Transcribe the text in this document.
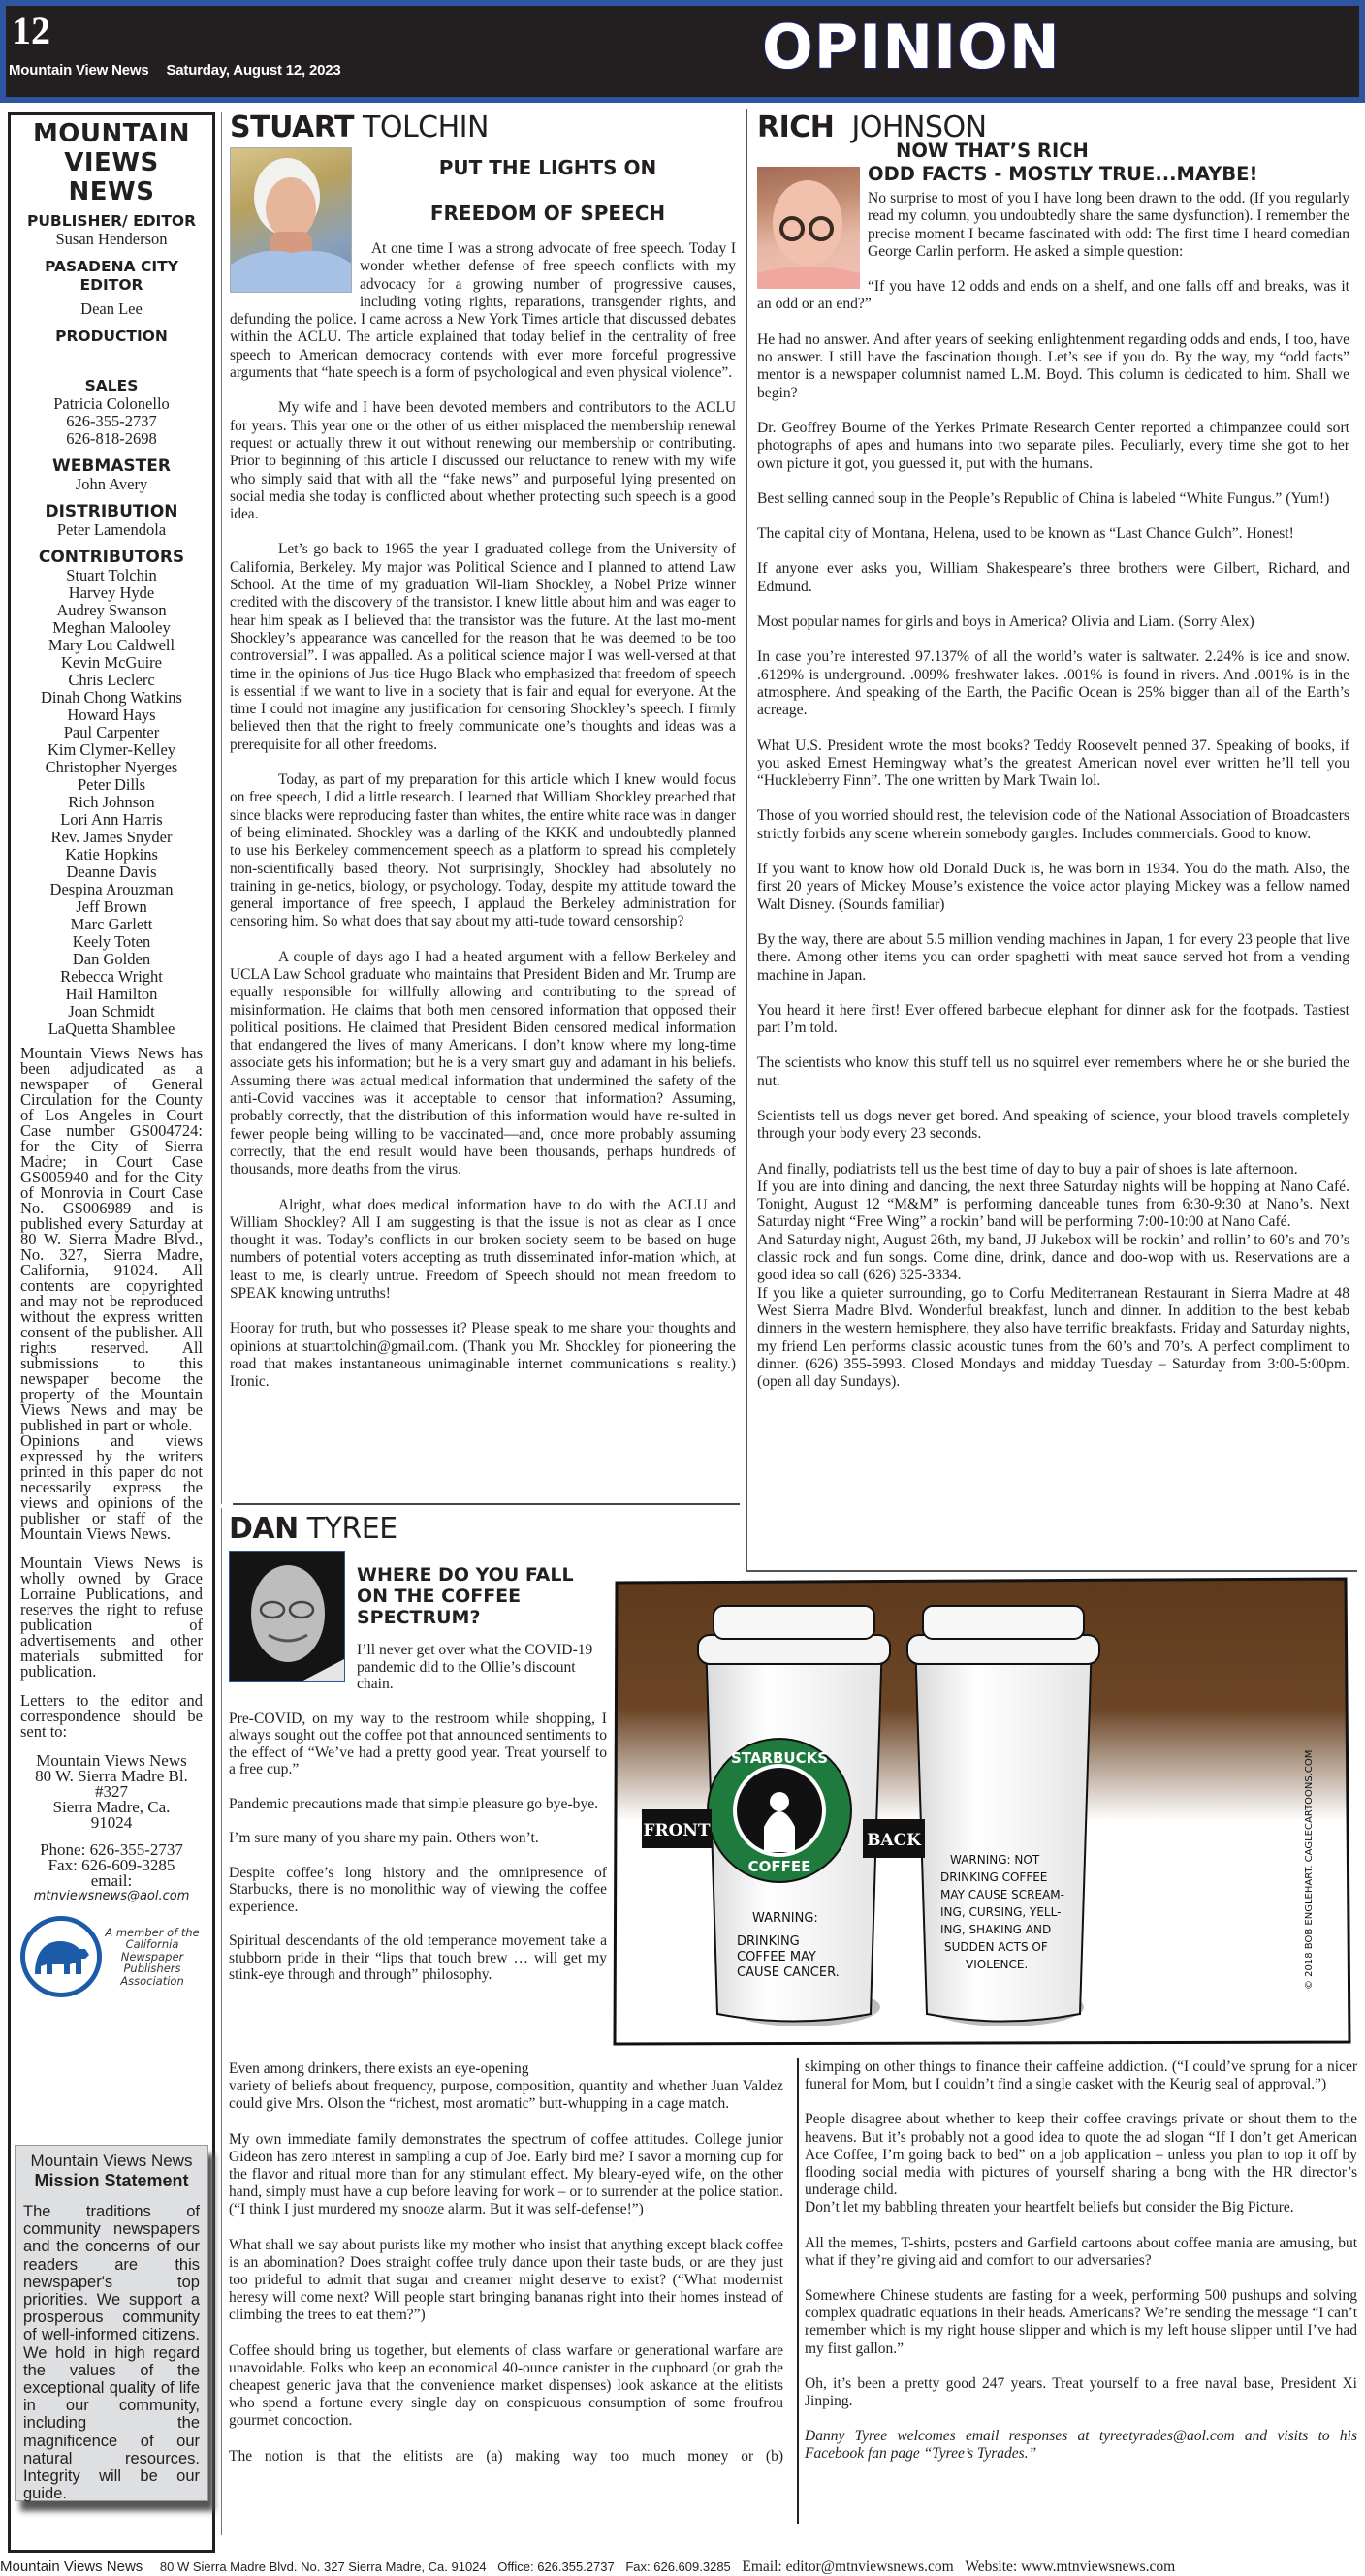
12
Mountain View News Saturday, August 12, 2023	OPINION
MOUNTAIN
VIEWS
NEWS
PUBLISHER/ EDITOR
Susan Henderson
PASADENA CITY EDITOR
Dean Lee
PRODUCTION
SALES
Patricia Colonello
626-355-2737
626-818-2698
WEBMASTER
John Avery
DISTRIBUTION
Peter Lamendola
CONTRIBUTORS
Stuart Tolchin
Harvey Hyde
Audrey Swanson
Meghan Malooley
Mary Lou Caldwell
Kevin McGuire
Chris Leclerc
Dinah Chong Watkins
Howard Hays
Paul Carpenter
Kim Clymer-Kelley
Christopher Nyerges
Peter Dills
Rich Johnson
Lori Ann Harris
Rev. James Snyder
Katie Hopkins
Deanne Davis
Despina Arouzman
Jeff Brown
Marc Garlett
Keely Toten
Dan Golden
Rebecca Wright
Hail Hamilton
Joan Schmidt
LaQuetta Shamblee
Mountain Views News has been adjudicated as a newspaper of General Circulation for the County of Los Angeles in Court Case number GS004724: for the City of Sierra Madre; in Court Case GS005940 and for the City of Monrovia in Court Case No. GS006989 and is published every Saturday at 80 W. Sierra Madre Blvd., No. 327, Sierra Madre, California, 91024. All contents are copyrighted and may not be reproduced without the express written consent of the publisher. All rights reserved. All submissions to this newspaper become the property of the Mountain Views News and may be published in part or whole.
Opinions and views expressed by the writers printed in this paper do not necessarily express the views and opinions of the publisher or staff of the Mountain Views News.
Mountain Views News is wholly owned by Grace Lorraine Publications, and reserves the right to refuse publication of advertisements and other materials submitted for publication.
Letters to the editor and correspondence should be sent to:
Mountain Views News
80 W. Sierra Madre Bl.
#327
Sierra Madre, Ca.
91024
Phone: 626-355-2737
Fax: 626-609-3285
email:
mtnviewsnews@aol.com
A member of the California Newspaper Publishers Association
Mountain Views News
Mission Statement
The traditions of community newspapers and the concerns of our readers are this newspaper's top priorities. We support a prosperous community of well-informed citizens. We hold in high regard the values of the exceptional quality of life in our community, including the magnificence of our natural resources. Integrity will be our guide.
STUART TOLCHIN
PUT THE LIGHTS ON
FREEDOM OF SPEECH

At one time I was a strong advocate of free speech. Today I wonder whether defense of free speech conflicts with my advocacy for a growing number of progressive causes, including voting rights, reparations, transgender rights, and defunding the police. I came across a New York Times article that discussed debates within the ACLU. The article explained that today belief in the centrality of free speech to American democracy contends with ever more forceful progressive arguments that “hate speech is a form of psychological and even physical violence”.

My wife and I have been devoted members and contributors to the ACLU for years. This year one or the other of us either misplaced the membership renewal request or actually threw it out without renewing our membership or contributing. Prior to beginning of this article I discussed our reluctance to renew with my wife who simply said that with all the “fake news” and purposeful lying presented on social media she today is conflicted about whether protecting such speech is a good idea.

Let’s go back to 1965 the year I graduated college from the University of California, Berkeley. My major was Political Science and I planned to attend Law School. At the time of my graduation Wil-liam Shockley, a Nobel Prize winner credited with the discovery of the transistor. I knew little about him and was eager to hear him speak as I believed that the transistor was the future. At the last mo-ment Shockley’s appearance was cancelled for the reason that he was deemed to be too controversial”. I was appalled. As a political science major I was well-versed at that time in the opinions of Jus-tice Hugo Black who emphasized that freedom of speech is essential if we want to live in a society that is fair and equal for everyone. At the time I could not imagine any justification for censoring Shockley’s speech. I firmly believed then that the right to freely communicate one’s thoughts and ideas was a prerequisite for all other freedoms.

Today, as part of my preparation for this article which I knew would focus on free speech, I did a little research. I learned that William Shockley preached that since blacks were reproducing faster than whites, the entire white race was in danger of being eliminated. Shockley was a darling of the KKK and undoubtedly planned to use his Berkeley commencement speech as a platform to spread his completely non-scientifically based theory. Not surprisingly, Shockley had absolutely no training in ge-netics, biology, or psychology. Today, despite my attitude toward the general importance of free speech, I applaud the Berkeley administration for censoring him. So what does that say about my atti-tude toward censorship?

A couple of days ago I had a heated argument with a fellow Berkeley and UCLA Law School graduate who maintains that President Biden and Mr. Trump are equally responsible for willfully allowing and contributing to the spread of misinformation. He claims that both men censored information that opposed their political positions. He claimed that President Biden censored medical information that endangered the lives of many Americans. I don’t know where my long-time associate gets his information; but he is a very smart guy and adamant in his beliefs. Assuming there was actual medical information that undermined the safety of the anti-Covid vaccines was it acceptable to censor that information? Assuming, probably correctly, that the distribution of this information would have re-sulted in fewer people being willing to be vaccinated—and, once more probably assuming correctly, that the end result would have been thousands, perhaps hundreds of thousands, more deaths from the virus.

Alright, what does medical information have to do with the ACLU and William Shockley? All I am suggesting is that the issue is not as clear as I once thought it was. Today’s conflicts in our broken society seem to be based on huge numbers of potential voters accepting as truth disseminated infor-mation which, at least to me, is clearly untrue. Freedom of Speech should not mean freedom to SPEAK knowing untruths!

Hooray for truth, but who possesses it? Please speak to me share your thoughts and opinions at stuarttolchin@gmail.com. (Thank you Mr. Shockley for pioneering the road that makes instantaneous unimaginable internet communications s reality.) Ironic.

RICH JOHNSON
NOW THAT’S RICH
ODD FACTS - MOSTLY TRUE...MAYBE!

No surprise to most of you I have long been drawn to the odd. (If you regularly read my column, you undoubtedly share the same dysfunction). I remember the precise moment I became fascinated with odd: The first time I heard comedian George Carlin perform. He asked a simple question:

“If you have 12 odds and ends on a shelf, and one falls off and breaks, was it an odd or an end?”

He had no answer. And after years of seeking enlightenment regarding odds and ends, I too, have no answer. I still have the fascination though. Let’s see if you do. By the way, my “odd facts” mentor is a newspaper columnist named L.M. Boyd. This column is dedicated to him. Shall we begin?

Dr. Geoffrey Bourne of the Yerkes Primate Research Center reported a chimpanzee could sort photographs of apes and humans into two separate piles. Peculiarly, every time she got to her own picture it got, you guessed it, put with the humans.

Best selling canned soup in the People’s Republic of China is labeled “White Fungus.” (Yum!)

The capital city of Montana, Helena, used to be known as “Last Chance Gulch”. Honest!

If anyone ever asks you, William Shakespeare’s three brothers were Gilbert, Richard, and Edmund.

Most popular names for girls and boys in America? Olivia and Liam. (Sorry Alex)

In case you’re interested 97.137% of all the world’s water is saltwater. 2.24% is ice and snow. .6129% is underground. .009% freshwater lakes. .001% is found in rivers. And .001% is in the atmosphere. And speaking of the Earth, the Pacific Ocean is 25% bigger than all of the Earth’s acreage.

What U.S. President wrote the most books? Teddy Roosevelt penned 37. Speaking of books, if you asked Ernest Hemingway what’s the greatest American novel ever written he’ll tell you “Huckleberry Finn”. The one written by Mark Twain lol.

Those of you worried should rest, the television code of the National Association of Broadcasters strictly forbids any scene wherein somebody gargles. Includes commercials. Good to know.

If you want to know how old Donald Duck is, he was born in 1934. You do the math. Also, the first 20 years of Mickey Mouse’s existence the voice actor playing Mickey was a fellow named Walt Disney. (Sounds familiar)

By the way, there are about 5.5 million vending machines in Japan, 1 for every 23 people that live there. Among other items you can order spaghetti with meat sauce served hot from a vending machine in Japan.

You heard it here first! Ever offered barbecue elephant for dinner ask for the footpads. Tastiest part I’m told.

The scientists who know this stuff tell us no squirrel ever remembers where he or she buried the nut.

Scientists tell us dogs never get bored. And speaking of science, your blood travels completely through your body every 23 seconds.

And finally, podiatrists tell us the best time of day to buy a pair of shoes is late afternoon.

If you are into dining and dancing, the next three Saturday nights will be hopping at Nano Café. Tonight, August 12 “M&M” is performing danceable tunes from 6:30-9:30 at Nano’s. Next Saturday night “Free Wing” a rockin’ band will be performing 7:00-10:00 at Nano Café.

And Saturday night, August 26th, my band, JJ Jukebox will be rockin’ and rollin’ to 60’s and 70’s classic rock and fun songs. Come dine, drink, dance and doo-wop with us. Reservations are a good idea so call (626) 325-3334.

If you like a quieter surrounding, go to Corfu Mediterranean Restaurant in Sierra Madre at 48 West Sierra Madre Blvd. Wonderful breakfast, lunch and dinner. In addition to the best kebab dinners in the western hemisphere, they also have terrific breakfasts. Friday and Saturday nights, my friend Len performs classic acoustic tunes from the 60’s and 70’s. A perfect compliment to dinner. (626) 355-5993. Closed Mondays and midday Tuesday – Saturday from 3:00-5:00pm. (open all day Sundays).

DAN TYREE
WHERE DO YOU FALL ON THE COFFEE SPECTRUM?

I’ll never get over what the COVID-19 pandemic did to the Ollie’s discount chain.

Pre-COVID, on my way to the restroom while shopping, I always sought out the coffee pot that announced sentiments to the effect of “We’ve had a pretty good year. Treat yourself to a free cup.”

Pandemic precautions made that simple pleasure go bye-bye.

I’m sure many of you share my pain. Others won’t.

Despite coffee’s long history and the omnipresence of Starbucks, there is no monolithic way of viewing the coffee experience.

Spiritual descendants of the old temperance movement take a stubborn pride in their “lips that touch brew … will get my stink-eye through and through” philosophy.

STARBUCKS
COFFEE
WARNING:
DRINKING
COFFEE MAY
CAUSE CANCER.
WARNING: NOT
DRINKING COFFEE
MAY CAUSE SCREAM-
ING, CURSING, YELL-
ING, SHAKING AND
SUDDEN ACTS OF
VIOLENCE.
FRONT	BACK	© 2018 BOB ENGLEHART. CAGLECARTOONS.COM
Even among drinkers, there exists an eye-opening

variety of beliefs about frequency, purpose, composition, quantity and whether Juan Valdez could give Mrs. Olson the “richest, most aromatic” butt-whupping in a cage match.

My own immediate family demonstrates the spectrum of coffee attitudes. College junior Gideon has zero interest in sampling a cup of Joe. Early bird me? I savor a morning cup for the flavor and ritual more than for any stimulant effect. My bleary-eyed wife, on the other hand, simply must have a cup before leaving for work – or to surrender at the police station. (“I think I just murdered my snooze alarm. But it was self-defense!”)

What shall we say about purists like my mother who insist that anything except black coffee is an abomination? Does straight coffee truly dance upon their taste buds, or are they just too prideful to admit that sugar and creamer might deserve to exist? (“What modernist heresy will come next? Will people start bringing bananas right into their homes instead of climbing the trees to eat them?”)

Coffee should bring us together, but elements of class warfare or generational warfare are unavoidable. Folks who keep an economical 40-ounce canister in the cupboard (or grab the cheapest generic java that the convenience market dispenses) look askance at the elitists who spend a fortune every single day on conspicuous consumption of some froufrou gourmet concoction.

The notion is that the elitists are (a) making way too much money or (b)

skimping on other things to finance their caffeine addiction. (“I could’ve sprung for a nicer funeral for Mom, but I couldn’t find a single casket with the Keurig seal of approval.”)

People disagree about whether to keep their coffee cravings private or shout them to the heavens. But it’s probably not a good idea to quote the ad slogan “If I don’t get American Ace Coffee, I’m going back to bed” on a job application – unless you plan to top it off by flooding social media with pictures of yourself sharing a bong with the HR director’s underage child.

Don’t let my babbling threaten your heartfelt beliefs but consider the Big Picture.

All the memes, T-shirts, posters and Garfield cartoons about coffee mania are amusing, but what if they’re giving aid and comfort to our adversaries?

Somewhere Chinese students are fasting for a week, performing 500 pushups and solving complex quadratic equations in their heads. Americans? We’re sending the message “I can’t remember which is my right house slipper and which is my left house slipper until I’ve had my first gallon.”

Oh, it’s been a pretty good 247 years. Treat yourself to a free naval base, President Xi Jinping.

Danny Tyree welcomes email responses at tyreetyrades@aol.com and visits to his Facebook fan page “Tyree’s Tyrades.”

Mountain Views News 80 W Sierra Madre Blvd. No. 327 Sierra Madre, Ca. 91024 Office: 626.355.2737 Fax: 626.609.3285 Email: editor@mtnviewsnews.com Website: www.mtnviewsnews.com
